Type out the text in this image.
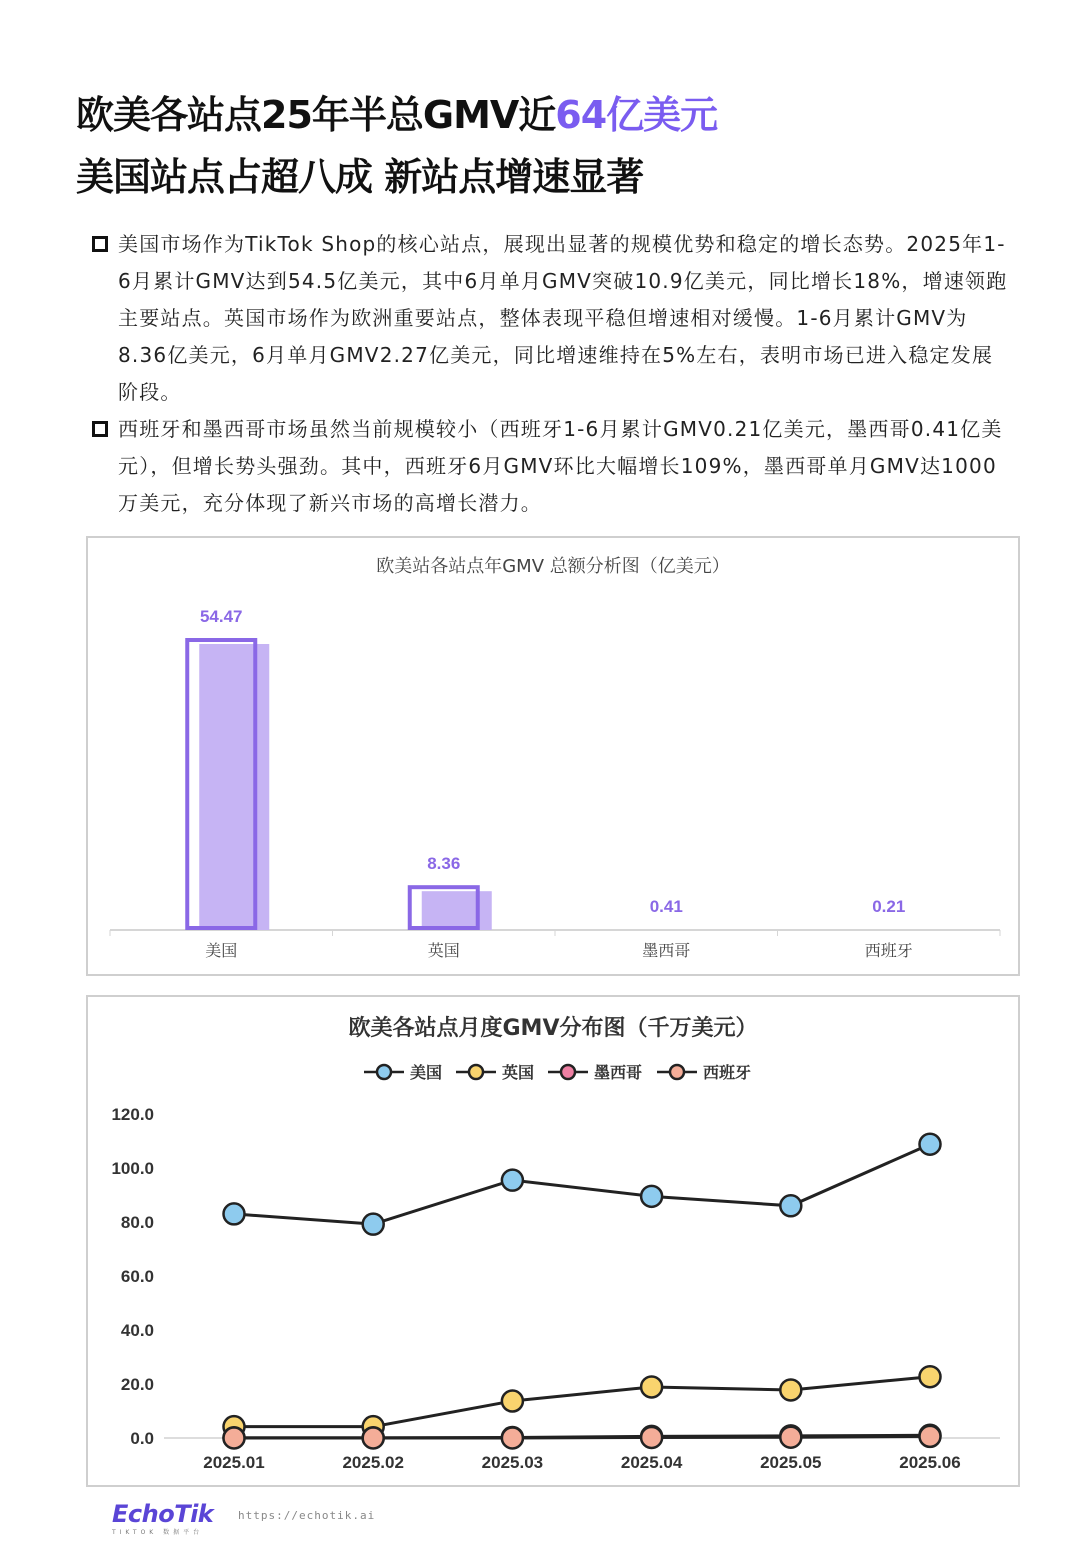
欧美各站点25年半总GMV近64亿美元
美国站点占超八成 新站点增速显著
美国市场作为TikTok Shop的核心站点，展现出显著的规模优势和稳定的增长态势。2025年1-6月累计GMV达到54.5亿美元，其中6月单月GMV突破10.9亿美元，同比增长18%，增速领跑主要站点。英国市场作为欧洲重要站点，整体表现平稳但增速相对缓慢。1-6月累计GMV为8.36亿美元，6月单月GMV2.27亿美元，同比增速维持在5%左右，表明市场已进入稳定发展阶段。
西班牙和墨西哥市场虽然当前规模较小（西班牙1-6月累计GMV0.21亿美元，墨西哥0.41亿美元），但增长势头强劲。其中，西班牙6月GMV环比大幅增长109%，墨西哥单月GMV达1000万美元，充分体现了新兴市场的高增长潜力。
欧美站各站点年GMV 总额分析图（亿美元）
54.47
美国
8.36
英国
0.41
墨西哥
0.21
西班牙
欧美各站点月度GMV分布图（千万美元）
0.0
20.0
40.0
60.0
80.0
100.0
120.0
2025.01	2025.02	2025.03	2025.04	2025.05	2025.06
美国	英国	墨西哥	西班牙
EchoTik
TIKTOK 数据平台
https://echotik.ai
